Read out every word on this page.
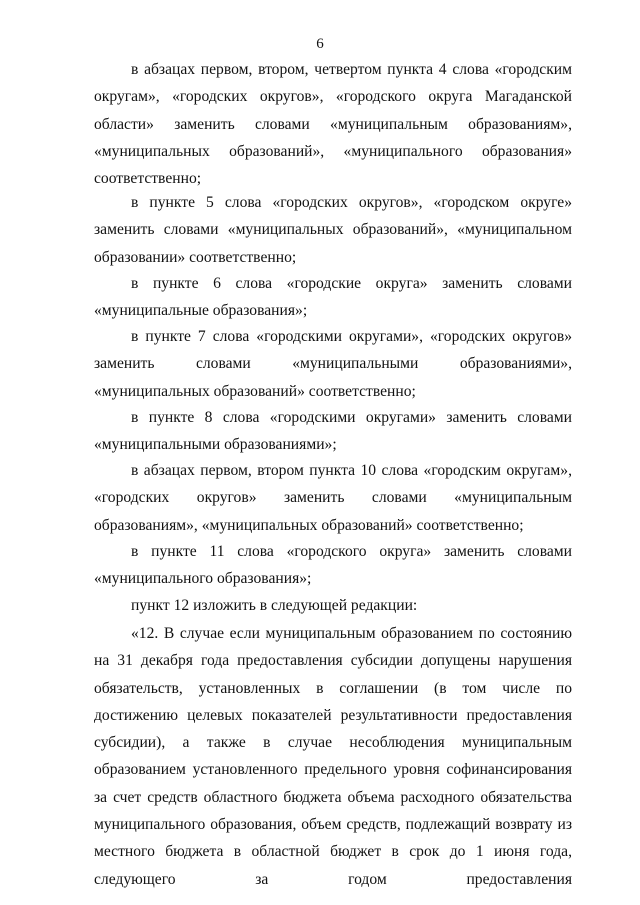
6

в абзацах первом, втором, четвертом пункта 4 слова «городским округам», «городских округов», «городского округа Магаданской области» заменить словами «муниципальным образованиям», «муниципальных образований», «муниципального образования» соответственно;

в пункте 5 слова «городских округов», «городском округе» заменить словами «муниципальных образований», «муниципальном образовании» соответственно;

в пункте 6 слова «городские округа» заменить словами «муниципальные образования»;

в пункте 7 слова «городскими округами», «городских округов» заменить словами «муниципальными образованиями», «муниципальных образований» соответственно;

в пункте 8 слова «городскими округами» заменить словами «муниципальными образованиями»;

в абзацах первом, втором пункта 10 слова «городским округам», «городских округов» заменить словами «муниципальным образованиям», «муниципальных образований» соответственно;

в пункте 11 слова «городского округа» заменить словами «муниципального образования»;

пункт 12 изложить в следующей редакции:

«12. В случае если муниципальным образованием по состоянию на 31 декабря года предоставления субсидии допущены нарушения обязательств, установленных в соглашении (в том числе по достижению целевых показателей результативности предоставления субсидии), а также в случае несоблюдения муниципальным образованием установленного предельного уровня софинансирования за счет средств областного бюджета объема расходного обязательства муниципального образования, объем средств, подлежащий возврату из местного бюджета в областной бюджет в срок до 1 июня года, следующего за годом предоставления
